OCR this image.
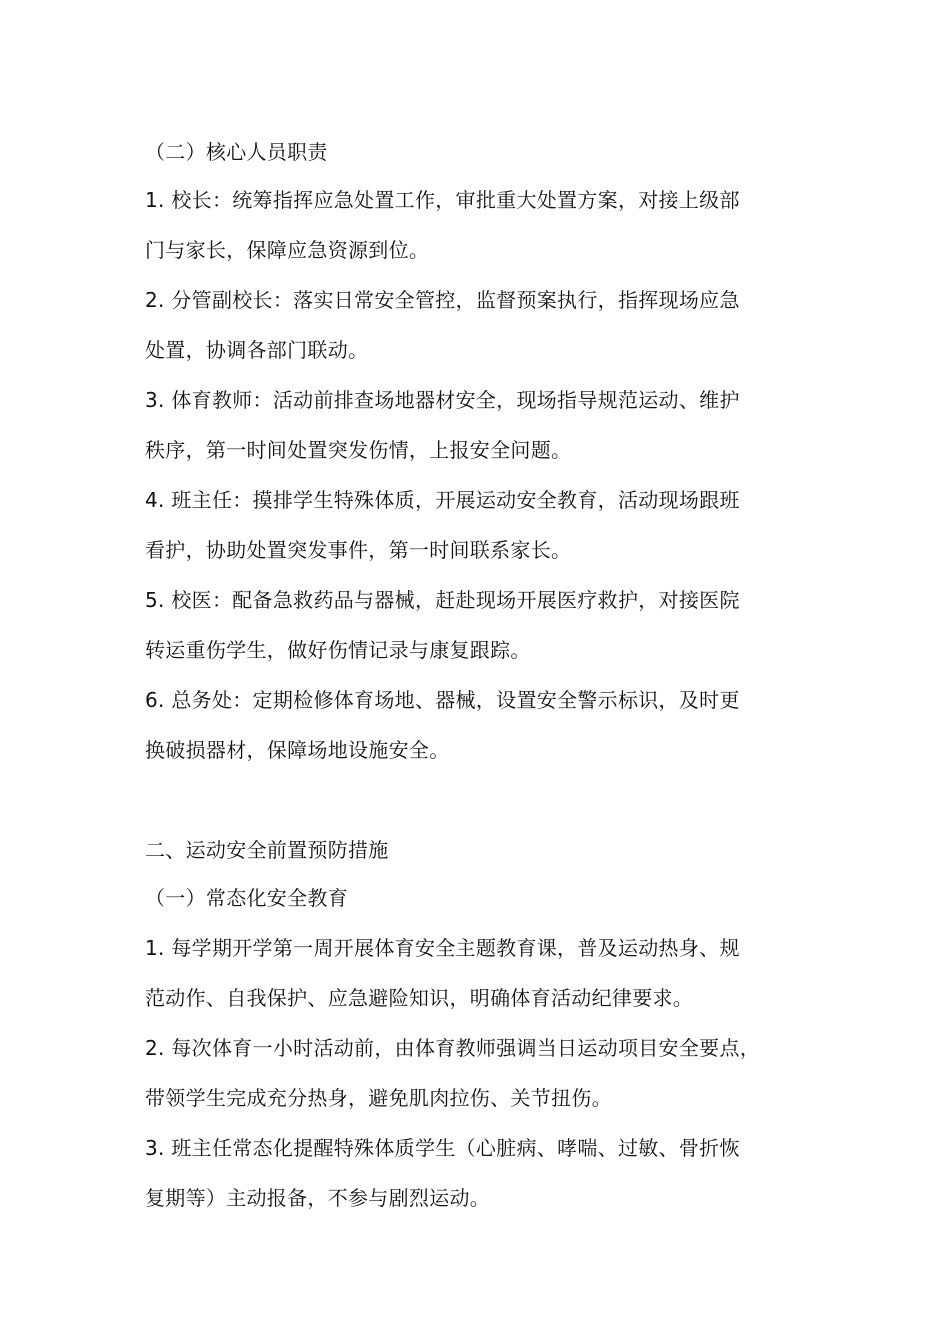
（二）核心人员职责
1. 校长：统筹指挥应急处置工作，审批重大处置方案，对接上级部
门与家长，保障应急资源到位。
2. 分管副校长：落实日常安全管控，监督预案执行，指挥现场应急
处置，协调各部门联动。
3. 体育教师：活动前排查场地器材安全，现场指导规范运动、维护
秩序，第一时间处置突发伤情，上报安全问题。
4. 班主任：摸排学生特殊体质，开展运动安全教育，活动现场跟班
看护，协助处置突发事件，第一时间联系家长。
5. 校医：配备急救药品与器械，赶赴现场开展医疗救护，对接医院
转运重伤学生，做好伤情记录与康复跟踪。
6. 总务处：定期检修体育场地、器械，设置安全警示标识，及时更
换破损器材，保障场地设施安全。
二、运动安全前置预防措施
（一）常态化安全教育
1. 每学期开学第一周开展体育安全主题教育课，普及运动热身、规
范动作、自我保护、应急避险知识，明确体育活动纪律要求。
2. 每次体育一小时活动前，由体育教师强调当日运动项目安全要点，
带领学生完成充分热身，避免肌肉拉伤、关节扭伤。
3. 班主任常态化提醒特殊体质学生（心脏病、哮喘、过敏、骨折恢
复期等）主动报备，不参与剧烈运动。
